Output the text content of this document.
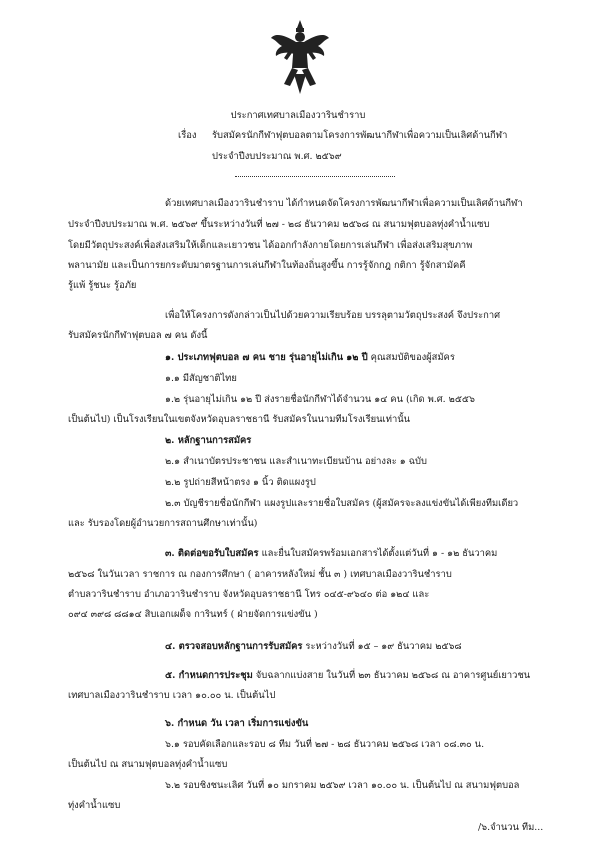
ประกาศเทศบาลเมืองวารินชำราบ
เรื่อง รับสมัครนักกีฬาฟุตบอลตามโครงการพัฒนากีฬาเพื่อความเป็นเลิศด้านกีฬา
ประจำปีงบประมาณ พ.ศ. ๒๕๖๙
ด้วยเทศบาลเมืองวารินชำราบ ได้กำหนดจัดโครงการพัฒนากีฬาเพื่อความเป็นเลิศด้านกีฬา
ประจำปีงบประมาณ พ.ศ. ๒๕๖๙ ขึ้นระหว่างวันที่ ๒๗ - ๒๘ ธันวาคม ๒๕๖๘ ณ สนามฟุตบอลทุ่งคำน้ำแซบ
โดยมีวัตถุประสงค์เพื่อส่งเสริมให้เด็กและเยาวชน ได้ออกกำลังกายโดยการเล่นกีฬา เพื่อส่งเสริมสุขภาพ
พลานามัย และเป็นการยกระดับมาตรฐานการเล่นกีฬาในท้องถิ่นสูงขึ้น การรู้จักกฎ กติกา รู้จักสามัคคี
รู้แพ้ รู้ชนะ รู้อภัย
เพื่อให้โครงการดังกล่าวเป็นไปด้วยความเรียบร้อย บรรลุตามวัตถุประสงค์ จึงประกาศ
รับสมัครนักกีฬาฟุตบอล ๗ คน ดังนี้
๑. ประเภทฟุตบอล ๗ คน ชาย รุ่นอายุไม่เกิน ๑๒ ปี คุณสมบัติของผู้สมัคร
๑.๑ มีสัญชาติไทย
๑.๒ รุ่นอายุไม่เกิน ๑๒ ปี ส่งรายชื่อนักกีฬาได้จำนวน ๑๔ คน (เกิด พ.ศ. ๒๕๕๖
เป็นต้นไป) เป็นโรงเรียนในเขตจังหวัดอุบลราชธานี รับสมัครในนามทีมโรงเรียนเท่านั้น
๒. หลักฐานการสมัคร
๒.๑ สำเนาบัตรประชาชน และสำเนาทะเบียนบ้าน อย่างละ ๑ ฉบับ
๒.๒ รูปถ่ายสีหน้าตรง ๑ นิ้ว ติดแผงรูป
๒.๓ บัญชีรายชื่อนักกีฬา แผงรูปและรายชื่อใบสมัคร (ผู้สมัครจะลงแข่งขันได้เพียงทีมเดียว
และ รับรองโดยผู้อำนวยการสถานศึกษาเท่านั้น)
๓. ติดต่อขอรับใบสมัคร และยื่นใบสมัครพร้อมเอกสารได้ตั้งแต่วันที่ ๑ - ๑๒ ธันวาคม
๒๕๖๘ ในวันเวลา ราชการ ณ กองการศึกษา ( อาคารหลังใหม่ ชั้น ๓ ) เทศบาลเมืองวารินชำราบ
ตำบลวารินชำราบ อำเภอวารินชำราบ จังหวัดอุบลราชธานี โทร ๐๔๕-๙๖๔๐ ต่อ ๑๒๔ และ
๐๙๔ ๓๙๘ ๘๘๑๔ สิบเอกเผด็จ การินทร์ ( ฝ่ายจัดการแข่งขัน )
๔. ตรวจสอบหลักฐานการรับสมัคร ระหว่างวันที่ ๑๕ – ๑๙ ธันวาคม ๒๕๖๘
๕. กำหนดการประชุม จับฉลากแบ่งสาย ในวันที่ ๒๓ ธันวาคม ๒๕๖๘ ณ อาคารศูนย์เยาวชน
เทศบาลเมืองวารินชำราบ เวลา ๑๐.๐๐ น. เป็นต้นไป
๖. กำหนด วัน เวลา เริ่มการแข่งขัน
๖.๑ รอบคัดเลือกและรอบ ๘ ทีม วันที่ ๒๗ - ๒๘ ธันวาคม ๒๕๖๘ เวลา ๐๘.๓๐ น.
เป็นต้นไป ณ สนามฟุตบอลทุ่งคำน้ำแซบ
๖.๒ รอบชิงชนะเลิศ วันที่ ๑๐ มกราคม ๒๕๖๙ เวลา ๑๐.๐๐ น. เป็นต้นไป ณ สนามฟุตบอล
ทุ่งคำน้ำแซบ
/๖.จำนวน ทีม...
